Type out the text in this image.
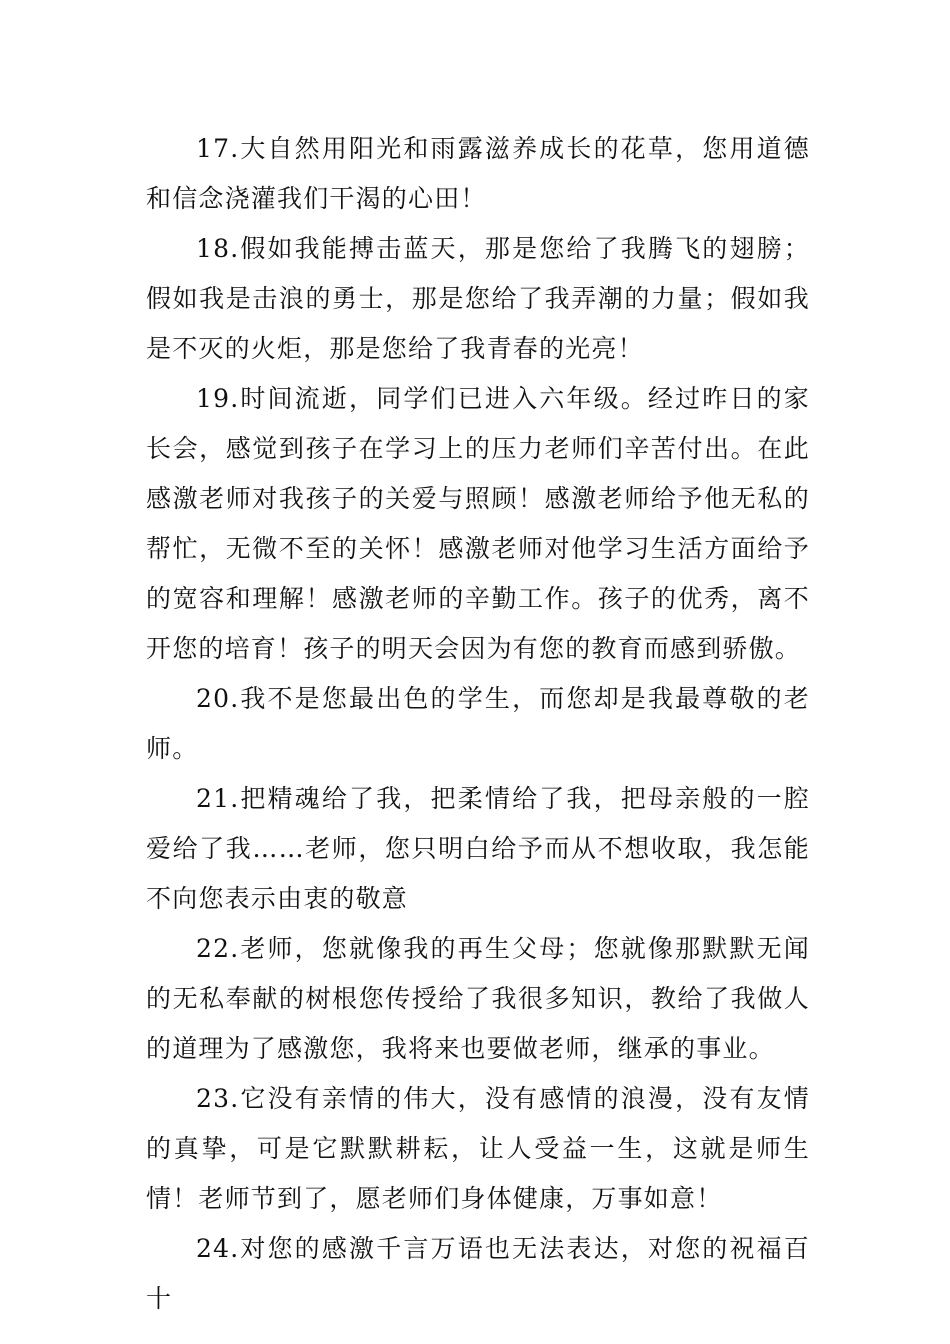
17.大自然用阳光和雨露滋养成长的花草，您用道德和信念浇灌我们干渴的心田！

18.假如我能搏击蓝天，那是您给了我腾飞的翅膀；假如我是击浪的勇士，那是您给了我弄潮的力量；假如我是不灭的火炬，那是您给了我青春的光亮！

19.时间流逝，同学们已进入六年级。经过昨日的家长会，感觉到孩子在学习上的压力老师们辛苦付出。在此感激老师对我孩子的关爱与照顾！感激老师给予他无私的帮忙，无微不至的关怀！感激老师对他学习生活方面给予的宽容和理解！感激老师的辛勤工作。孩子的优秀，离不开您的培育！孩子的明天会因为有您的教育而感到骄傲。

20.我不是您最出色的学生，而您却是我最尊敬的老师。

21.把精魂给了我，把柔情给了我，把母亲般的一腔爱给了我……老师，您只明白给予而从不想收取，我怎能不向您表示由衷的敬意

22.老师，您就像我的再生父母；您就像那默默无闻的无私奉献的树根您传授给了我很多知识，教给了我做人的道理为了感激您，我将来也要做老师，继承的事业。

23.它没有亲情的伟大，没有感情的浪漫，没有友情的真挚，可是它默默耕耘，让人受益一生，这就是师生情！老师节到了，愿老师们身体健康，万事如意！

24.对您的感激千言万语也无法表达，对您的祝福百十
